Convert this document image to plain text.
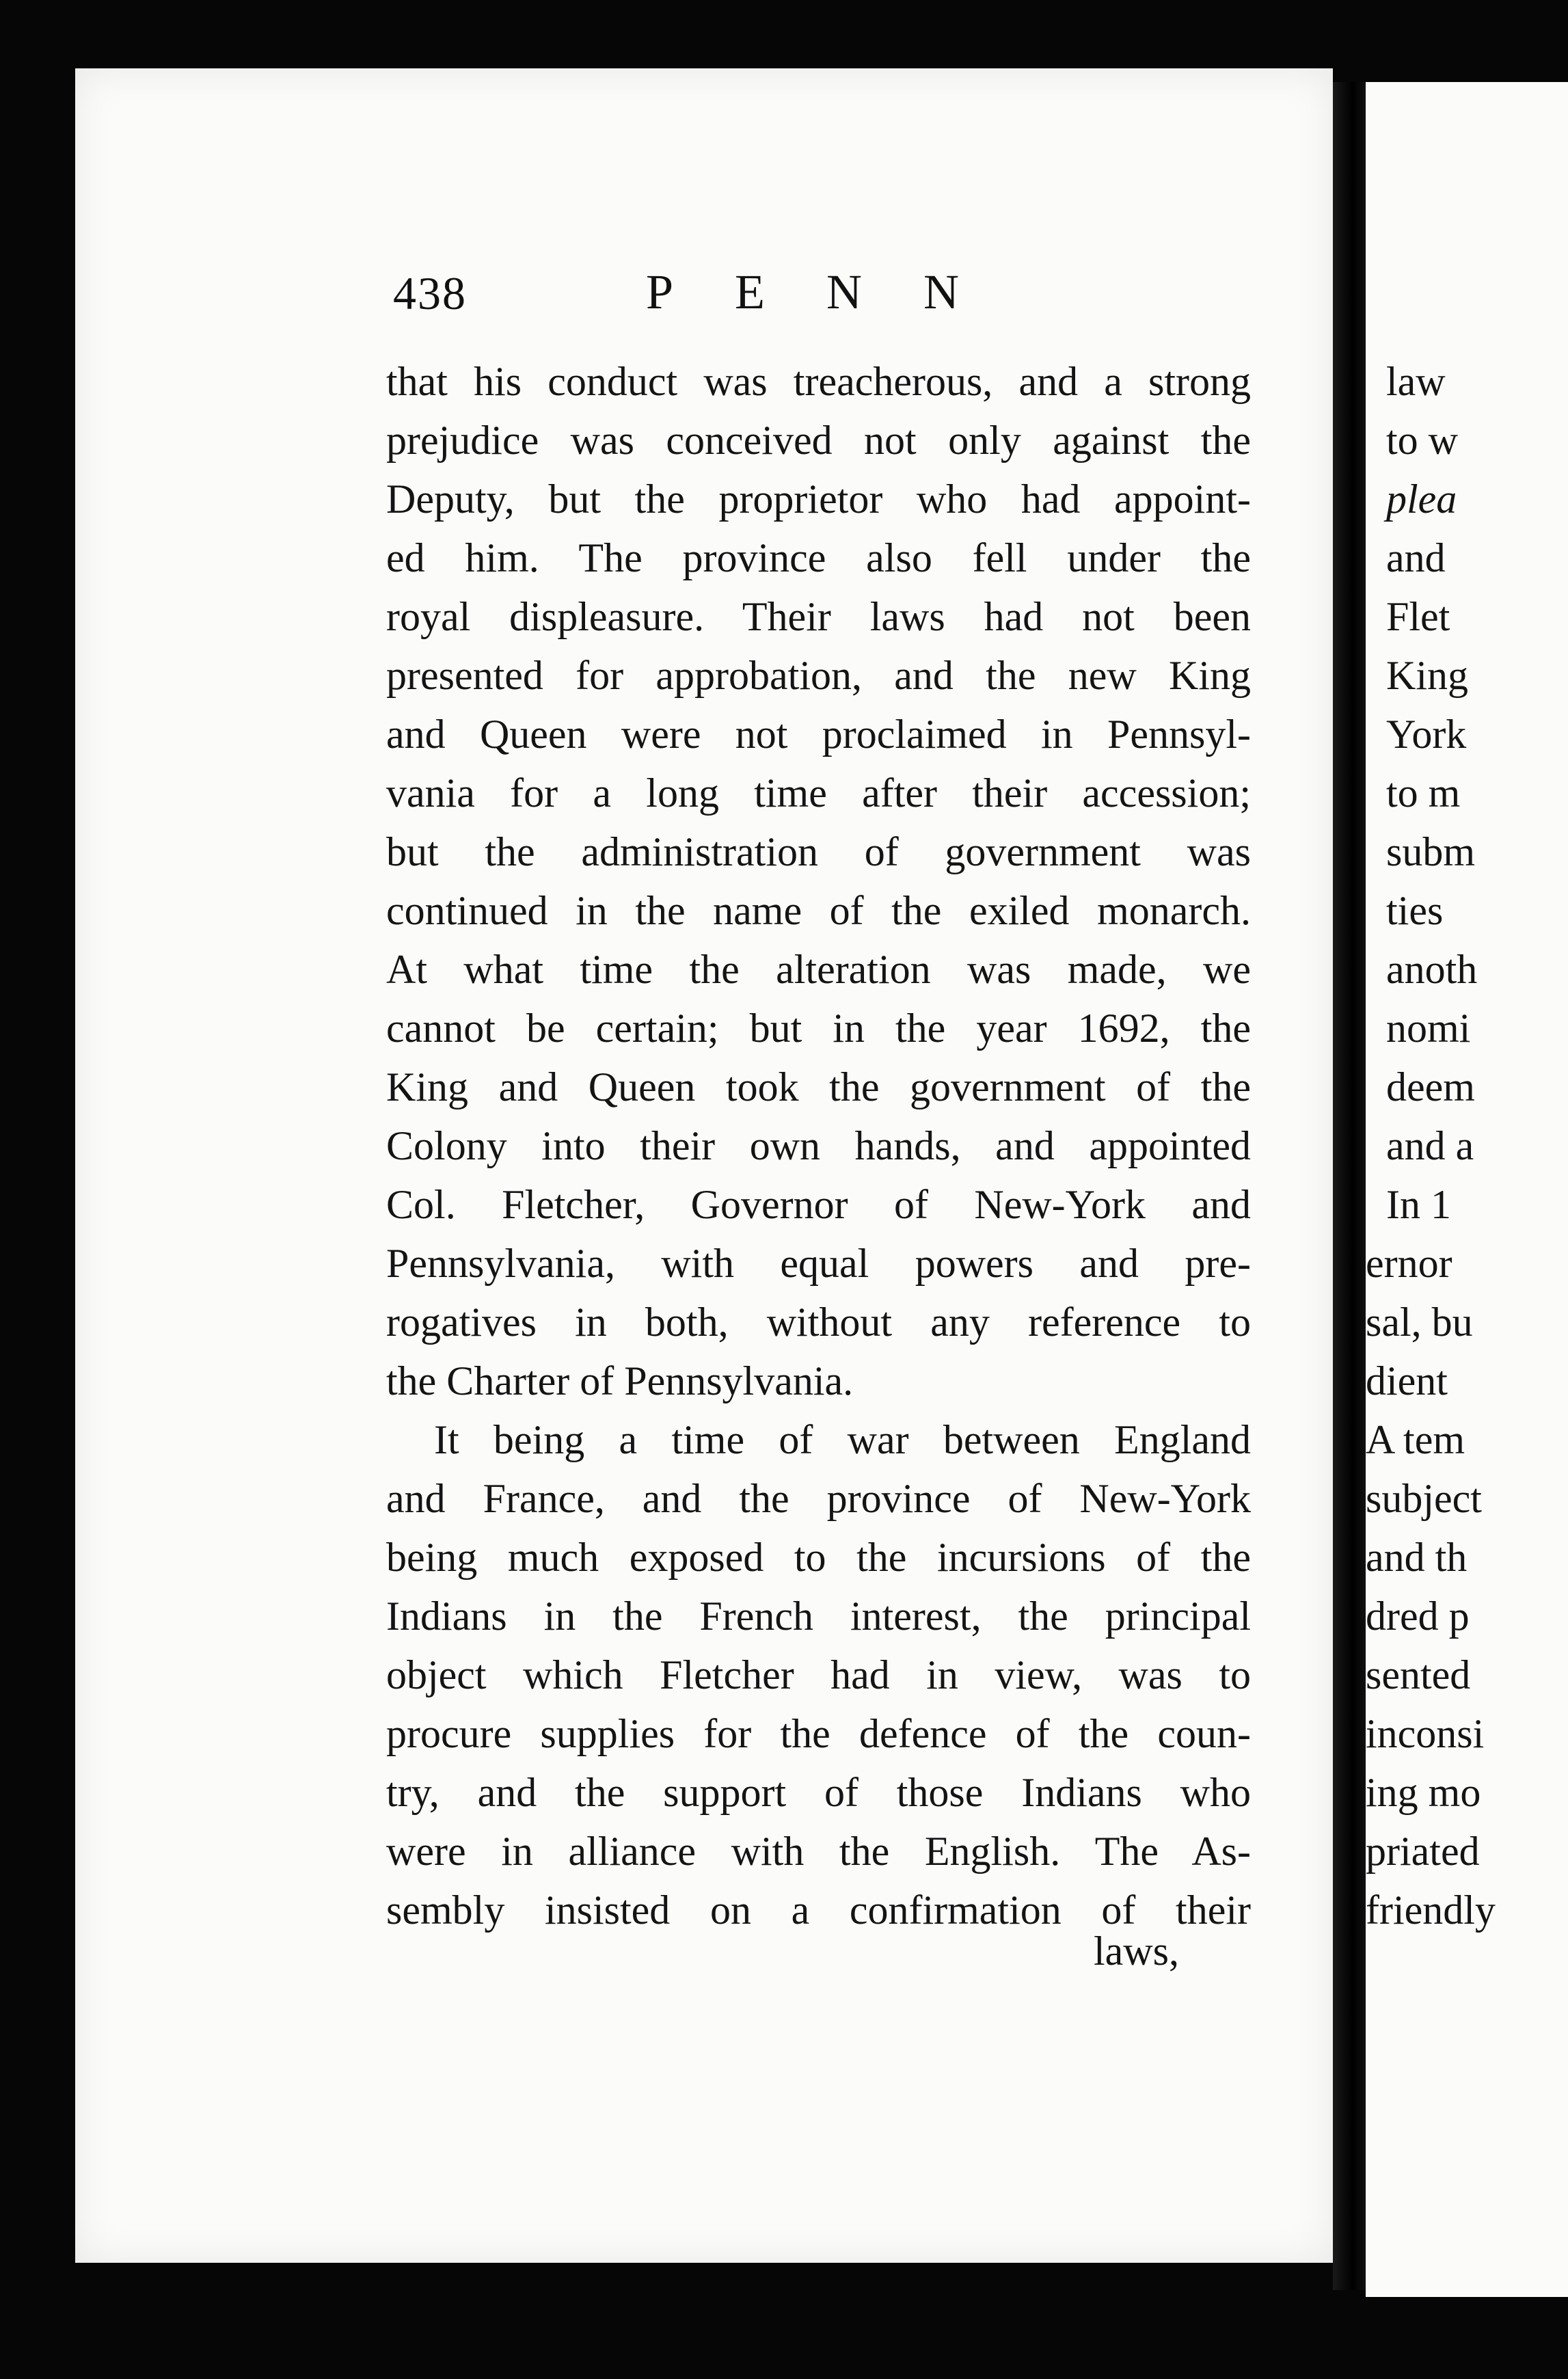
law
to w
plea
and
Flet
King
York
to m
subm
ties
anoth
nomi
deem
and a
In 1
ernor
sal, bu
dient
A tem
subject
and th
dred p
sented
inconsi
ing mo
priated
friendly
438	PENN
that his conduct was treacherous, and a strong
prejudice was conceived not only against the
Deputy, but the proprietor who had appoint-
ed him. The province also fell under the
royal displeasure. Their laws had not been
presented for approbation, and the new King
and Queen were not proclaimed in Pennsyl-
vania for a long time after their accession;
but the administration of government was
continued in the name of the exiled monarch.
At what time the alteration was made, we
cannot be certain; but in the year 1692, the
King and Queen took the government of the
Colony into their own hands, and appointed
Col. Fletcher, Governor of New-York and
Pennsylvania, with equal powers and pre-
rogatives in both, without any reference to
the Charter of Pennsylvania.
It being a time of war between England
and France, and the province of New-York
being much exposed to the incursions of the
Indians in the French interest, the principal
object which Fletcher had in view, was to
procure supplies for the defence of the coun-
try, and the support of those Indians who
were in alliance with the English. The As-
sembly insisted on a confirmation of their
laws,
